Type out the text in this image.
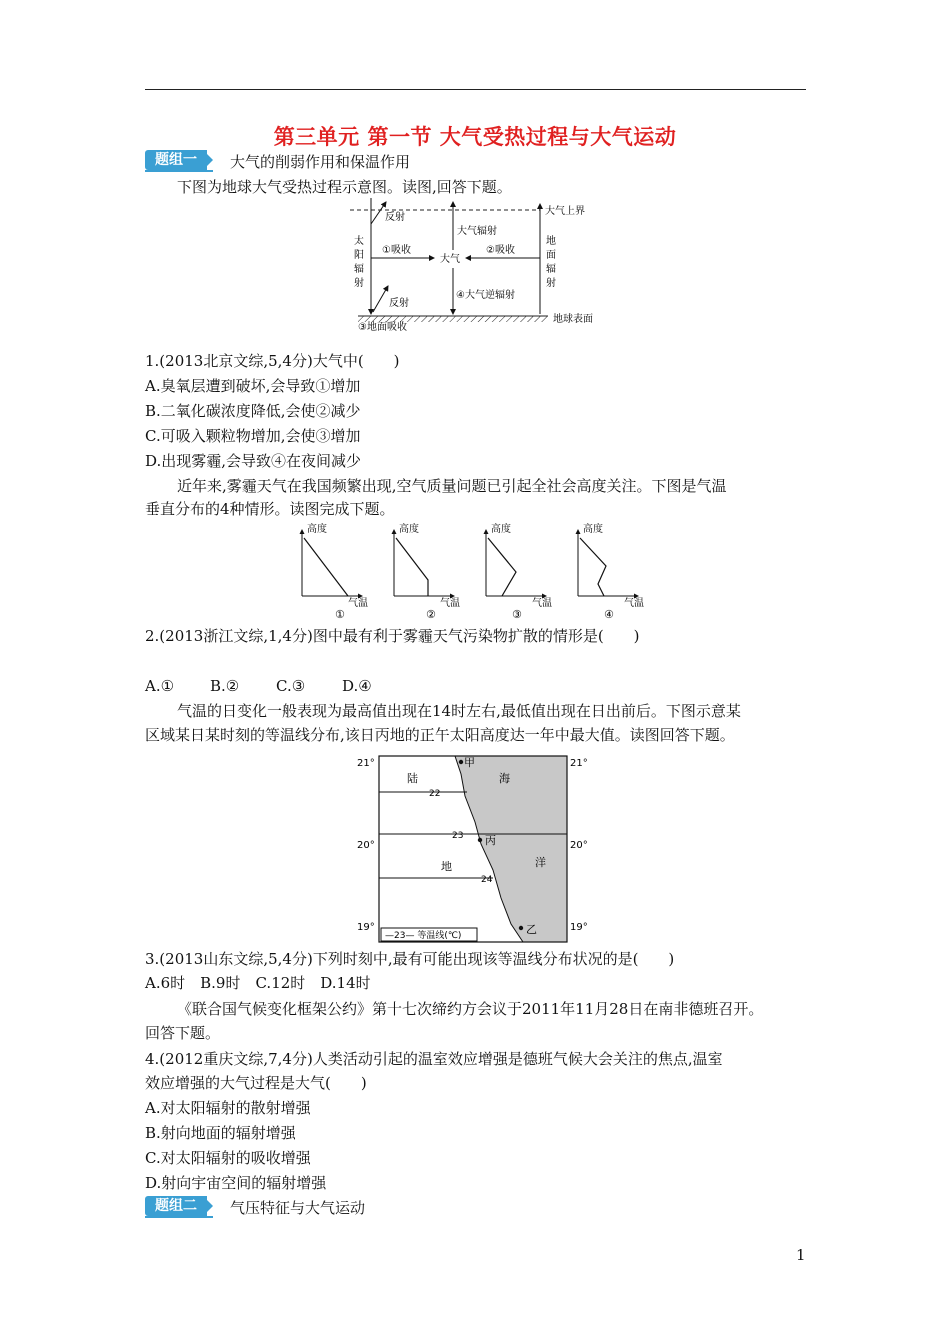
第三单元 第一节 大气受热过程与大气运动
题组一	大气的削弱作用和保温作用
下图为地球大气受热过程示意图。读图,回答下题。
大气上界
地球表面
太
阳
辐
射
反射
反射
①吸收
大气
大气辐射
④大气逆辐射
②吸收
地
面
辐
射
③地面吸收
1.(2013北京文综,5,4分)大气中(　　)
A.臭氧层遭到破坏,会导致①增加
B.二氧化碳浓度降低,会使②减少
C.可吸入颗粒物增加,会使③增加
D.出现雾霾,会导致④在夜间减少
近年来,雾霾天气在我国频繁出现,空气质量问题已引起全社会高度关注。下图是气温
垂直分布的4种情形。读图完成下题。
高度
气温
①
高度
气温
②
高度
气温
③
高度
气温
④
2.(2013浙江文综,1,4分)图中最有利于雾霾天气污染物扩散的情形是(　　)
A.① B.② C.③ D.④
气温的日变化一般表现为最高值出现在14时左右,最低值出现在日出前后。下图示意某
区域某日某时刻的等温线分布,该日丙地的正午太阳高度达一年中最大值。读图回答下题。
21°	21°
20°	20°
19°	19°
22
24
23
甲
丙
乙
陆
地
海
洋
—23— 等温线(℃)
3.(2013山东文综,5,4分)下列时刻中,最有可能出现该等温线分布状况的是(　　)
A.6时　B.9时　C.12时　D.14时
《联合国气候变化框架公约》第十七次缔约方会议于2011年11月28日在南非德班召开。
回答下题。
4.(2012重庆文综,7,4分)人类活动引起的温室效应增强是德班气候大会关注的焦点,温室
效应增强的大气过程是大气(　　)
A.对太阳辐射的散射增强
B.射向地面的辐射增强
C.对太阳辐射的吸收增强
D.射向宇宙空间的辐射增强
题组二	气压特征与大气运动
1
